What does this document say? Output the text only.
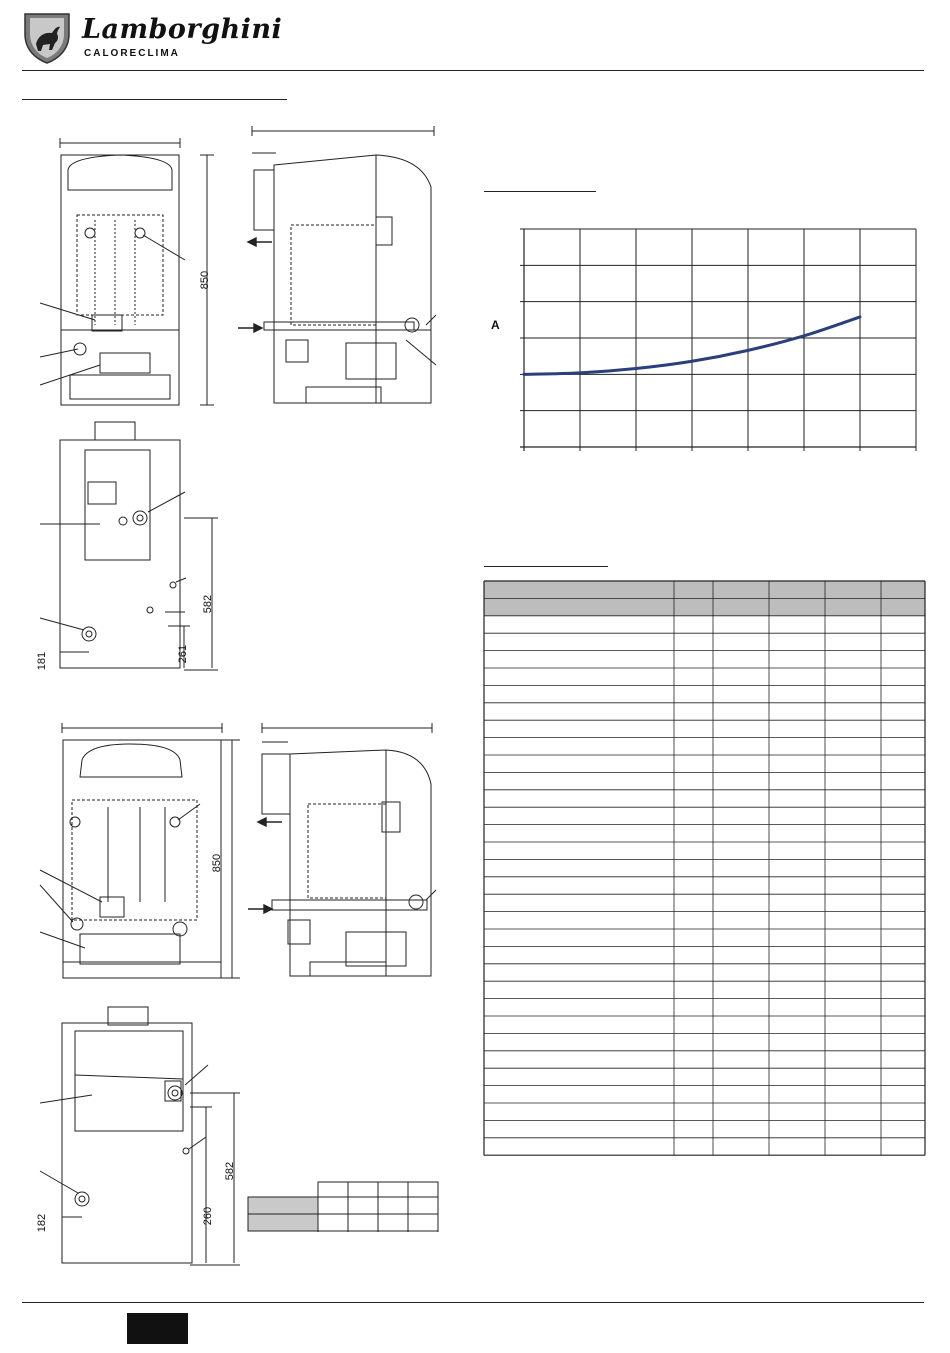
Lamborghini
CALORECLIMA
850
582
181	261
850
582
182	260
A
